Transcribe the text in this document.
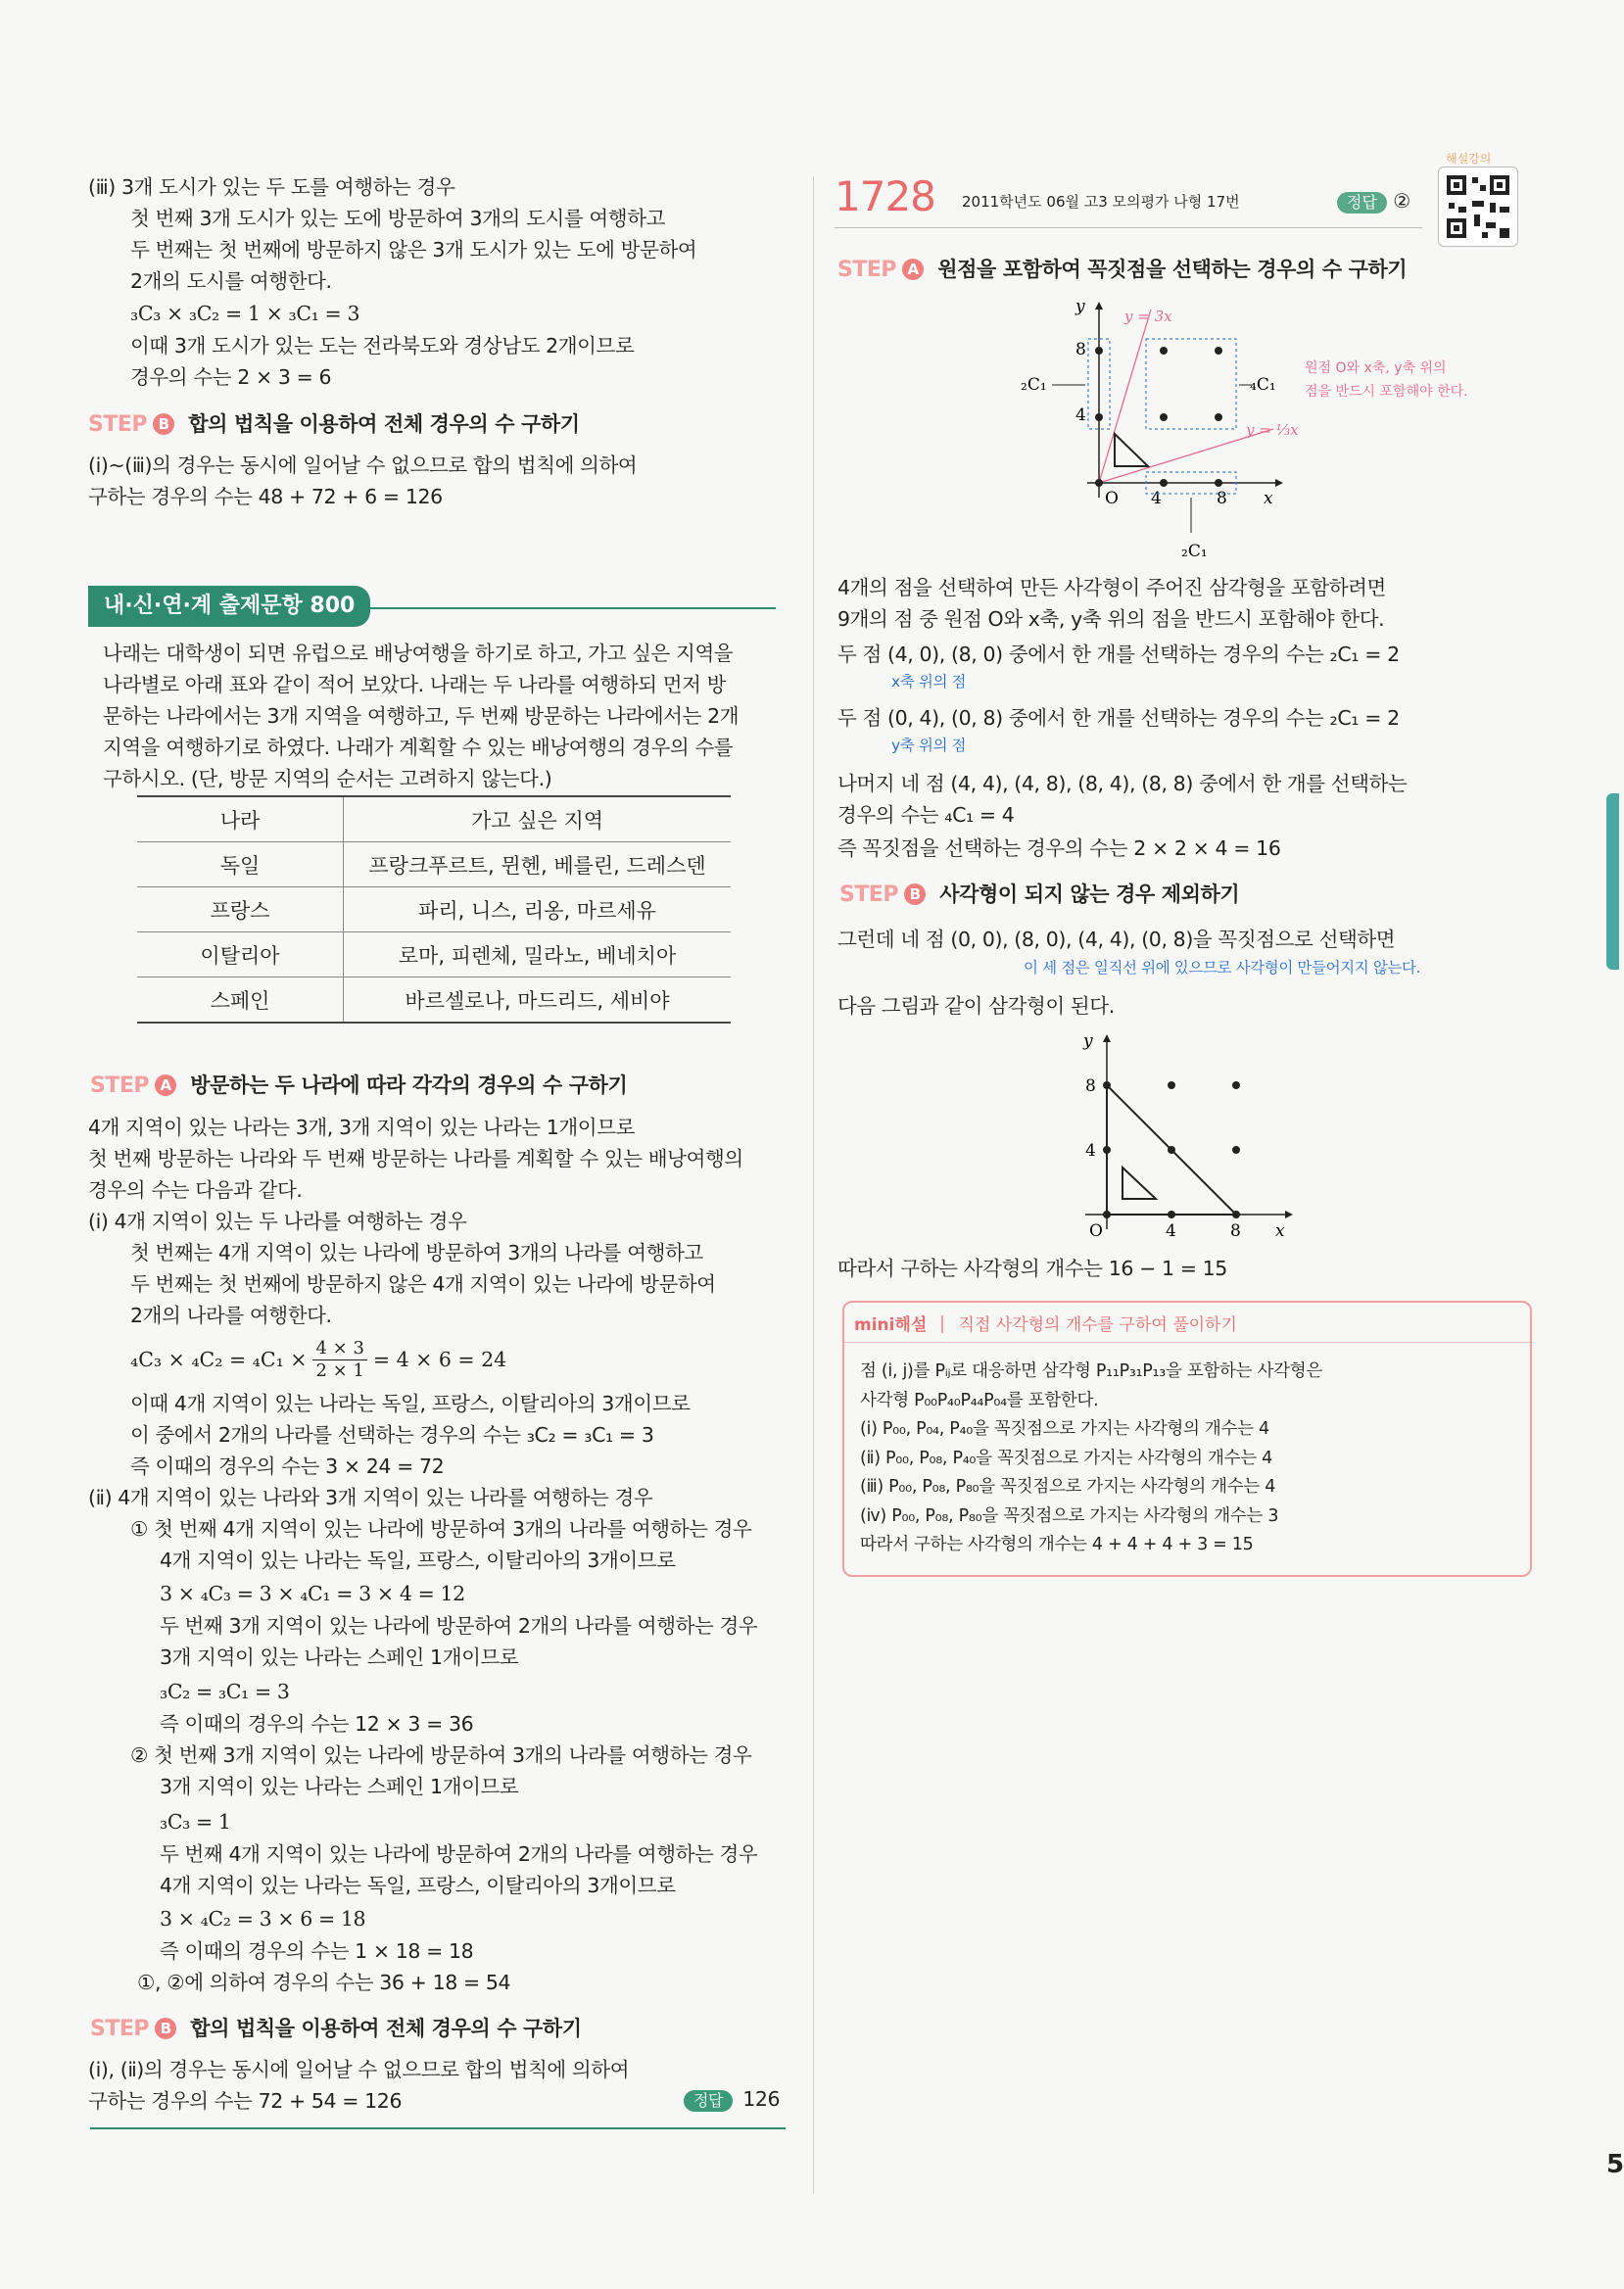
(ⅲ) 3개 도시가 있는 두 도를 여행하는 경우
첫 번째 3개 도시가 있는 도에 방문하여 3개의 도시를 여행하고
두 번째는 첫 번째에 방문하지 않은 3개 도시가 있는 도에 방문하여
2개의 도시를 여행한다.
₃C₃ × ₃C₂ = 1 × ₃C₁ = 3
이때 3개 도시가 있는 도는 전라북도와 경상남도 2개이므로
경우의 수는 2 × 3 = 6
STEP B 합의 법칙을 이용하여 전체 경우의 수 구하기
(ⅰ)~(ⅲ)의 경우는 동시에 일어날 수 없으므로 합의 법칙에 의하여
구하는 경우의 수는 48 + 72 + 6 = 126
내·신·연·계 출제문항 800
나래는 대학생이 되면 유럽으로 배낭여행을 하기로 하고, 가고 싶은 지역을
나라별로 아래 표와 같이 적어 보았다. 나래는 두 나라를 여행하되 먼저 방
문하는 나라에서는 3개 지역을 여행하고, 두 번째 방문하는 나라에서는 2개
지역을 여행하기로 하였다. 나래가 계획할 수 있는 배낭여행의 경우의 수를
구하시오. (단, 방문 지역의 순서는 고려하지 않는다.)
나라	가고 싶은 지역
독일	프랑크푸르트, 뮌헨, 베를린, 드레스덴
프랑스	파리, 니스, 리옹, 마르세유
이탈리아	로마, 피렌체, 밀라노, 베네치아
스페인	바르셀로나, 마드리드, 세비야
STEP A 방문하는 두 나라에 따라 각각의 경우의 수 구하기
4개 지역이 있는 나라는 3개, 3개 지역이 있는 나라는 1개이므로
첫 번째 방문하는 나라와 두 번째 방문하는 나라를 계획할 수 있는 배낭여행의
경우의 수는 다음과 같다.
(ⅰ) 4개 지역이 있는 두 나라를 여행하는 경우
첫 번째는 4개 지역이 있는 나라에 방문하여 3개의 나라를 여행하고
두 번째는 첫 번째에 방문하지 않은 4개 지역이 있는 나라에 방문하여
2개의 나라를 여행한다.
$_4C_3 \times _4C_2 = _4C_1 \times \frac{4 \times 3}{2 \times 1} = 4 \times 6 = 24$
이때 4개 지역이 있는 나라는 독일, 프랑스, 이탈리아의 3개이므로
이 중에서 2개의 나라를 선택하는 경우의 수는 ₃C₂ = ₃C₁ = 3
즉 이때의 경우의 수는 3 × 24 = 72
(ⅱ) 4개 지역이 있는 나라와 3개 지역이 있는 나라를 여행하는 경우
① 첫 번째 4개 지역이 있는 나라에 방문하여 3개의 나라를 여행하는 경우
4개 지역이 있는 나라는 독일, 프랑스, 이탈리아의 3개이므로
3 × ₄C₃ = 3 × ₄C₁ = 3 × 4 = 12
두 번째 3개 지역이 있는 나라에 방문하여 2개의 나라를 여행하는 경우
3개 지역이 있는 나라는 스페인 1개이므로
₃C₂ = ₃C₁ = 3
즉 이때의 경우의 수는 12 × 3 = 36
② 첫 번째 3개 지역이 있는 나라에 방문하여 3개의 나라를 여행하는 경우
3개 지역이 있는 나라는 스페인 1개이므로
₃C₃ = 1
두 번째 4개 지역이 있는 나라에 방문하여 2개의 나라를 여행하는 경우
4개 지역이 있는 나라는 독일, 프랑스, 이탈리아의 3개이므로
3 × ₄C₂ = 3 × 6 = 18
즉 이때의 경우의 수는 1 × 18 = 18
①, ②에 의하여 경우의 수는 36 + 18 = 54
STEP B 합의 법칙을 이용하여 전체 경우의 수 구하기
(ⅰ), (ⅱ)의 경우는 동시에 일어날 수 없으므로 합의 법칙에 의하여
구하는 경우의 수는 72 + 54 = 126	정답 126
해설강의
1728 2011학년도 06월 고3 모의평가 나형 17번	정답 ②
STEP A 원점을 포함하여 꼭짓점을 선택하는 경우의 수 구하기
y
x
O
8
4
4	8
y = 3x
y = ⅓x
₂C₁	₄C₁
₂C₁
원점 O와 x축, y축 위의
점을 반드시 포함해야 한다.
4개의 점을 선택하여 만든 사각형이 주어진 삼각형을 포함하려면
9개의 점 중 원점 O와 x축, y축 위의 점을 반드시 포함해야 한다.
두 점 (4, 0), (8, 0) 중에서 한 개를 선택하는 경우의 수는 ₂C₁ = 2
x축 위의 점
두 점 (0, 4), (0, 8) 중에서 한 개를 선택하는 경우의 수는 ₂C₁ = 2
y축 위의 점
나머지 네 점 (4, 4), (4, 8), (8, 4), (8, 8) 중에서 한 개를 선택하는
경우의 수는 ₄C₁ = 4
즉 꼭짓점을 선택하는 경우의 수는 2 × 2 × 4 = 16
STEP B 사각형이 되지 않는 경우 제외하기
그런데 네 점 (0, 0), (8, 0), (4, 4), (0, 8)을 꼭짓점으로 선택하면
이 세 점은 일직선 위에 있으므로 사각형이 만들어지지 않는다.
다음 그림과 같이 삼각형이 된다.
y
x
O
8
4
4	8
따라서 구하는 사각형의 개수는 16 − 1 = 15
mini해설 직접 사각형의 개수를 구하여 풀이하기
점 (i, j)를 Pᵢⱼ로 대응하면 삼각형 P₁₁P₃₁P₁₃을 포함하는 사각형은
사각형 P₀₀P₄₀P₄₄P₀₄를 포함한다.
(ⅰ) P₀₀, P₀₄, P₄₀을 꼭짓점으로 가지는 사각형의 개수는 4
(ⅱ) P₀₀, P₀₈, P₄₀을 꼭짓점으로 가지는 사각형의 개수는 4
(ⅲ) P₀₀, P₀₈, P₈₀을 꼭짓점으로 가지는 사각형의 개수는 4
(ⅳ) P₀₀, P₀₈, P₈₀을 꼭짓점으로 가지는 사각형의 개수는 3
따라서 구하는 사각형의 개수는 4 + 4 + 4 + 3 = 15
5
